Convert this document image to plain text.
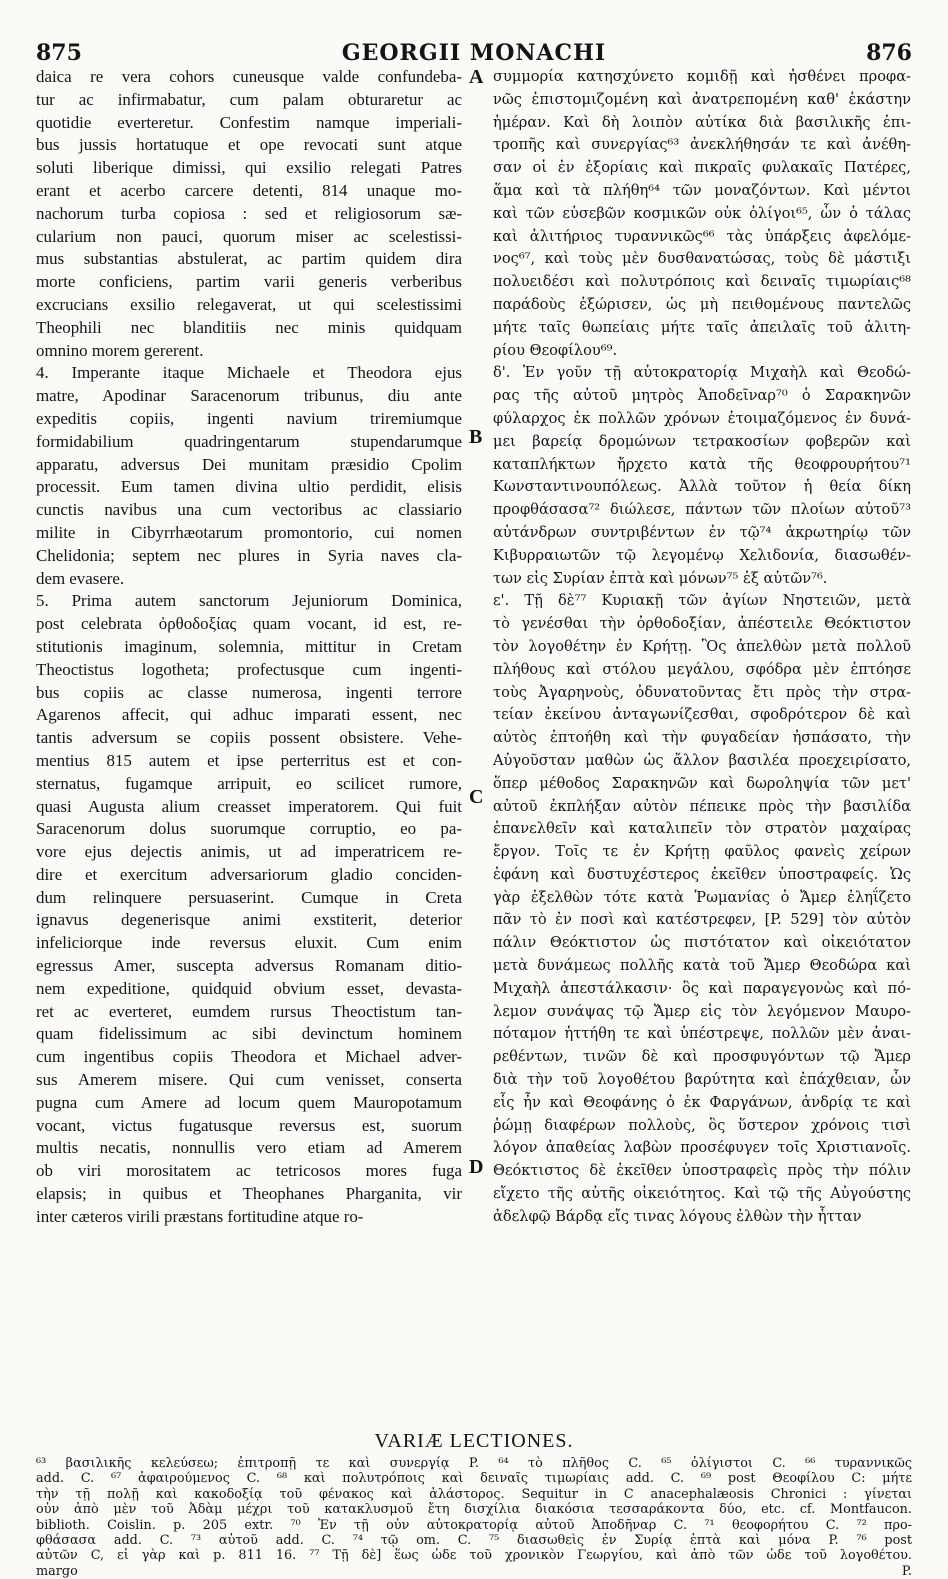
875	GEORGII MONACHI	876
daica re vera cohors cuneusque valde confundeba-
tur ac infirmabatur, cum palam obturaretur ac
quotidie everteretur. Confestim namque imperiali-
bus jussis hortatuque et ope revocati sunt atque
soluti liberique dimissi, qui exsilio relegati Patres
erant et acerbo carcere detenti, 814 unaque mo-
nachorum turba copiosa : sed et religiosorum sæ-
cularium non pauci, quorum miser ac scelestissi-
mus substantias abstulerat, ac partim quidem dira
morte conficiens, partim varii generis verberibus
excrucians exsilio relegaverat, ut qui scelestissimi
Theophili nec blanditiis nec minis quidquam
omnino morem gererent.
4. Imperante itaque Michaele et Theodora ejus
matre, Apodinar Saracenorum tribunus, diu ante
expeditis copiis, ingenti navium triremiumque
formidabilium quadringentarum stupendarumque
apparatu, adversus Dei munitam præsidio Cpolim
processit. Eum tamen divina ultio perdidit, elisis
cunctis navibus una cum vectoribus ac classiario
milite in Cibyrrhæotarum promontorio, cui nomen
Chelidonia; septem nec plures in Syria naves cla-
dem evasere.
5. Prima autem sanctorum Jejuniorum Dominica,
post celebrata ὀρθοδοξίας quam vocant, id est, re-
stitutionis imaginum, solemnia, mittitur in Cretam
Theoctistus logotheta; profectusque cum ingenti-
bus copiis ac classe numerosa, ingenti terrore
Agarenos affecit, qui adhuc imparati essent, nec
tantis adversum se copiis possent obsistere. Vehe-
mentius 815 autem et ipse perterritus est et con-
sternatus, fugamque arripuit, eo scilicet rumore,
quasi Augusta alium creasset imperatorem. Qui fuit
Saracenorum dolus suorumque corruptio, eo pa-
vore ejus dejectis animis, ut ad imperatricem re-
dire et exercitum adversariorum gladio conciden-
dum relinquere persuaserint. Cumque in Creta
ignavus degenerisque animi exstiterit, deterior
infeliciorque inde reversus eluxit. Cum enim
egressus Amer, suscepta adversus Romanam ditio-
nem expeditione, quidquid obvium esset, devasta-
ret ac everteret, eumdem rursus Theoctistum tan-
quam fidelissimum ac sibi devinctum hominem
cum ingentibus copiis Theodora et Michael adver-
sus Amerem misere. Qui cum venisset, conserta
pugna cum Amere ad locum quem Mauropotamum
vocant, victus fugatusque reversus est, suorum
multis necatis, nonnullis vero etiam ad Amerem
ob viri morositatem ac tetricosos mores fuga
elapsis; in quibus et Theophanes Pharganita, vir
inter cæteros virili præstans fortitudine atque ro-
συμμορία κατησχύνετο κομιδῇ καὶ ἠσθένει προφα-
νῶς ἐπιστομιζομένη καὶ ἀνατρεπομένη καθ' ἑκάστην
ἡμέραν. Καὶ δὴ λοιπὸν αὐτίκα διὰ βασιλικῆς ἐπι-
τροπῆς καὶ συνεργίας⁶³ ἀνεκλήθησάν τε καὶ ἀνέθη-
σαν οἱ ἐν ἐξορίαις καὶ πικραῖς φυλακαῖς Πατέρες,
ἅμα καὶ τὰ πλήθη⁶⁴ τῶν μοναζόντων. Καὶ μέντοι
καὶ τῶν εὐσεβῶν κοσμικῶν οὐκ ὀλίγοι⁶⁵, ὧν ὁ τάλας
καὶ ἀλιτήριος τυραννικῶς⁶⁶ τὰς ὑπάρξεις ἀφελόμε-
νος⁶⁷, καὶ τοὺς μὲν δυσθανατώσας, τοὺς δὲ μάστιξι
πολυειδέσι καὶ πολυτρόποις καὶ δειναῖς τιμωρίαις⁶⁸
παράδοὺς ἐξώρισεν, ὡς μὴ πειθομένους παντελῶς
μήτε ταῖς θωπείαις μήτε ταῖς ἀπειλαῖς τοῦ ἀλιτη-
ρίου Θεοφίλου⁶⁹.
δ'. Ἐν γοῦν τῇ αὐτοκρατορίᾳ Μιχαὴλ καὶ Θεοδώ-
ρας τῆς αὐτοῦ μητρὸς Ἀποδεῖναρ⁷⁰ ὁ Σαρακηνῶν
φύλαρχος ἐκ πολλῶν χρόνων ἑτοιμαζόμενος ἐν δυνά-
μει βαρείᾳ δρομώνων τετρακοσίων φοβερῶν καὶ
καταπλήκτων ἤρχετο κατὰ τῆς θεοφρουρήτου⁷¹
Κωνσταντινουπόλεως. Ἀλλὰ τοῦτον ἡ θεία δίκη
προφθάσασα⁷² διώλεσε, πάντων τῶν πλοίων αὐτοῦ⁷³
αὐτάνδρων συντριβέντων ἐν τῷ⁷⁴ ἀκρωτηρίῳ τῶν
Κιβυρραιωτῶν τῷ λεγομένῳ Χελιδονία, διασωθέν-
των εἰς Συρίαν ἑπτὰ καὶ μόνων⁷⁵ ἐξ αὐτῶν⁷⁶.
ε'. Τῇ δὲ⁷⁷ Κυριακῇ τῶν ἁγίων Νηστειῶν, μετὰ
τὸ γενέσθαι τὴν ὀρθοδοξίαν, ἀπέστειλε Θεόκτιστον
τὸν λογοθέτην ἐν Κρήτῃ. Ὃς ἀπελθὼν μετὰ πολλοῦ
πλήθους καὶ στόλου μεγάλου, σφόδρα μὲν ἐπτόησε
τοὺς Ἀγαρηνοὺς, ὀδυνατοῦντας ἔτι πρὸς τὴν στρα-
τείαν ἐκείνου ἀνταγωνίζεσθαι, σφοδρότερον δὲ καὶ
αὐτὸς ἐπτοήθη καὶ τὴν φυγαδείαν ἠσπάσατο, τὴν
Αὐγοῦσταν μαθὼν ὡς ἄλλον βασιλέα προεχειρίσατο,
ὅπερ μέθοδος Σαρακηνῶν καὶ δωροληψία τῶν μετ'
αὐτοῦ ἐκπλήξαν αὐτὸν πέπεικε πρὸς τὴν βασιλίδα
ἐπανελθεῖν καὶ καταλιπεῖν τὸν στρατὸν μαχαίρας
ἔργον. Τοῖς τε ἐν Κρήτῃ φαῦλος φανεὶς χείρων
ἐφάνη καὶ δυστυχέστερος ἐκεῖθεν ὑποστραφείς. Ὡς
γὰρ ἐξελθὼν τότε κατὰ Ῥωμανίας ὁ Ἄμερ ἐληΐζετο
πᾶν τὸ ἐν ποσὶ καὶ κατέστρεφεν, [P. 529] τὸν αὐτὸν
πάλιν Θεόκτιστον ὡς πιστότατον καὶ οἰκειότατον
μετὰ δυνάμεως πολλῆς κατὰ τοῦ Ἄμερ Θεοδώρα καὶ
Μιχαὴλ ἀπεστάλκασιν· ὃς καὶ παραγεγονὼς καὶ πό-
λεμον συνάψας τῷ Ἄμερ εἰς τὸν λεγόμενον Μαυρο-
πόταμον ἡττήθη τε καὶ ὑπέστρεψε, πολλῶν μὲν ἀναι-
ρεθέντων, τινῶν δὲ καὶ προσφυγόντων τῷ Ἄμερ
διὰ τὴν τοῦ λογοθέτου βαρύτητα καὶ ἐπάχθειαν, ὧν
εἷς ἦν καὶ Θεοφάνης ὁ ἐκ Φαργάνων, ἀνδρίᾳ τε καὶ
ῥώμῃ διαφέρων πολλοὺς, ὃς ὕστερον χρόνοις τισὶ
λόγον ἀπαθείας λαβὼν προσέφυγεν τοῖς Χριστιανοῖς.
Θεόκτιστος δὲ ἐκεῖθεν ὑποστραφεὶς πρὸς τὴν πόλιν
εἴχετο τῆς αὐτῆς οἰκειότητος. Καὶ τῷ τῆς Αὐγούστης
ἀδελφῷ Βάρδᾳ εἴς τινας λόγους ἐλθὼν τὴν ἧτταν
A
B
C
D
VARIÆ LECTIONES.
⁶³ βασιλικῆς κελεύσεω; ἐπιτροπῇ τε καὶ συνεργίᾳ P. ⁶⁴ τὸ πλῆθος C. ⁶⁵ ὀλίγιστοι C. ⁶⁶ τυραννικῶς
add. C. ⁶⁷ ἀφαιρούμενος C. ⁶⁸ καὶ πολυτρόποις καὶ δειναῖς τιμωρίαις add. C. ⁶⁹ post Θεοφίλου C: μήτε
τὴν τῇ πολῇ καὶ κακοδοξίᾳ τοῦ φένακος καὶ ἀλάστορος. Sequitur in C anacephalæosis Chronici : γίνεται
οὖν ἀπὸ μὲν τοῦ Ἀδὰμ μέχρι τοῦ κατακλυσμοῦ ἔτη δισχίλια διακόσια τεσσαράκοντα δύο, etc. cf. Montfaucon.
biblioth. Coislin. p. 205 extr. ⁷⁰ Ἐν τῇ οὖν αὐτοκρατορίᾳ αὐτοῦ Ἀποδῆναρ C. ⁷¹ θεοφορήτου C. ⁷² προ-
φθάσασα add. C. ⁷³ αὐτοῦ add. C. ⁷⁴ τῷ om. C. ⁷⁵ διασωθεὶς ἐν Συρίᾳ ἑπτὰ καὶ μόνα P. ⁷⁶ post
αὐτῶν C, εἰ γὰρ καὶ p. 811 16. ⁷⁷ Τῇ δὲ] ἕως ὧδε τοῦ χρονικὸν Γεωργίου, καὶ ἀπὸ τῶν ὧδε τοῦ λογοθέτου.
margo P.
